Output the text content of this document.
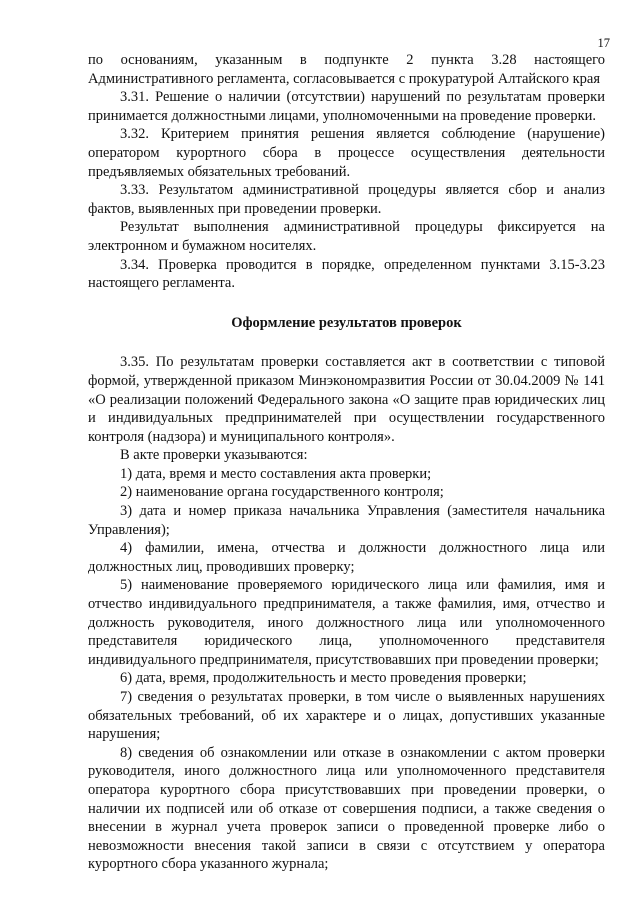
17

по основаниям, указанным в подпункте 2 пункта 3.28 настоящего Административного регламента, согласовывается с прокуратурой Алтайского края

3.31. Решение о наличии (отсутствии) нарушений по результатам проверки принимается должностными лицами, уполномоченными на проведение проверки.

3.32. Критерием принятия решения является соблюдение (нарушение) оператором курортного сбора в процессе осуществления деятельности предъявляемых обязательных требований.

3.33. Результатом административной процедуры является сбор и анализ фактов, выявленных при проведении проверки.

Результат выполнения административной процедуры фиксируется на электронном и бумажном носителях.

3.34. Проверка проводится в порядке, определенном пунктами 3.15-3.23 настоящего регламента.

Оформление результатов проверок

3.35. По результатам проверки составляется акт в соответствии с типовой формой, утвержденной приказом Минэкономразвития России от 30.04.2009 № 141 «О реализации положений Федерального закона «О защите прав юридических лиц и индивидуальных предпринимателей при осуществлении государственного контроля (надзора) и муниципального контроля».

В акте проверки указываются:

1) дата, время и место составления акта проверки;

2) наименование органа государственного контроля;

3) дата и номер приказа начальника Управления (заместителя начальника Управления);

4) фамилии, имена, отчества и должности должностного лица или должностных лиц, проводивших проверку;

5) наименование проверяемого юридического лица или фамилия, имя и отчество индивидуального предпринимателя, а также фамилия, имя, отчество и должность руководителя, иного должностного лица или уполномоченного представителя юридического лица, уполномоченного представителя индивидуального предпринимателя, присутствовавших при проведении проверки;

6) дата, время, продолжительность и место проведения проверки;

7) сведения о результатах проверки, в том числе о выявленных нарушениях обязательных требований, об их характере и о лицах, допустивших указанные нарушения;

8) сведения об ознакомлении или отказе в ознакомлении с актом проверки руководителя, иного должностного лица или уполномоченного представителя оператора курортного сбора присутствовавших при проведении проверки, о наличии их подписей или об отказе от совершения подписи, а также сведения о внесении в журнал учета проверок записи о проведенной проверке либо о невозможности внесения такой записи в связи с отсутствием у оператора курортного сбора указанного журнала;
